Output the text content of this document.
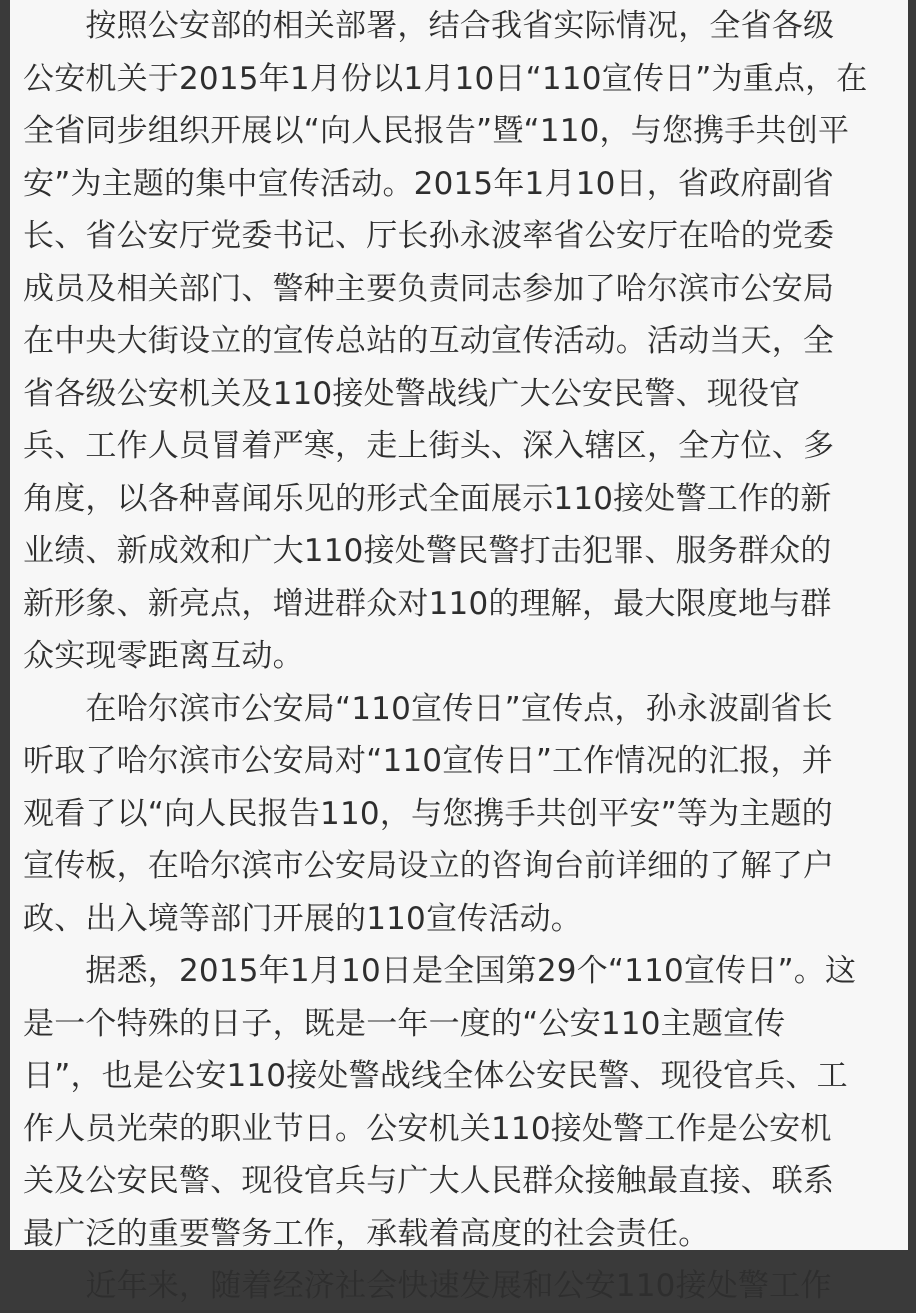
　　按照公安部的相关部署，结合我省实际情况，全省各级
公安机关于2015年1月份以1月10日“110宣传日”为重点，在
全省同步组织开展以“向人民报告”暨“110，与您携手共创平
安”为主题的集中宣传活动。2015年1月10日，省政府副省
长、省公安厅党委书记、厅长孙永波率省公安厅在哈的党委
成员及相关部门、警种主要负责同志参加了哈尔滨市公安局
在中央大街设立的宣传总站的互动宣传活动。活动当天，全
省各级公安机关及110接处警战线广大公安民警、现役官
兵、工作人员冒着严寒，走上街头、深入辖区，全方位、多
角度，以各种喜闻乐见的形式全面展示110接处警工作的新
业绩、新成效和广大110接处警民警打击犯罪、服务群众的
新形象、新亮点，增进群众对110的理解，最大限度地与群
众实现零距离互动。
　　在哈尔滨市公安局“110宣传日”宣传点，孙永波副省长
听取了哈尔滨市公安局对“110宣传日”工作情况的汇报，并
观看了以“向人民报告110，与您携手共创平安”等为主题的
宣传板，在哈尔滨市公安局设立的咨询台前详细的了解了户
政、出入境等部门开展的110宣传活动。
　　据悉，2015年1月10日是全国第29个“110宣传日”。这
是一个特殊的日子，既是一年一度的“公安110主题宣传
日”，也是公安110接处警战线全体公安民警、现役官兵、工
作人员光荣的职业节日。公安机关110接处警工作是公安机
关及公安民警、现役官兵与广大人民群众接触最直接、联系
最广泛的重要警务工作，承载着高度的社会责任。
　　近年来，随着经济社会快速发展和公安110接处警工作
